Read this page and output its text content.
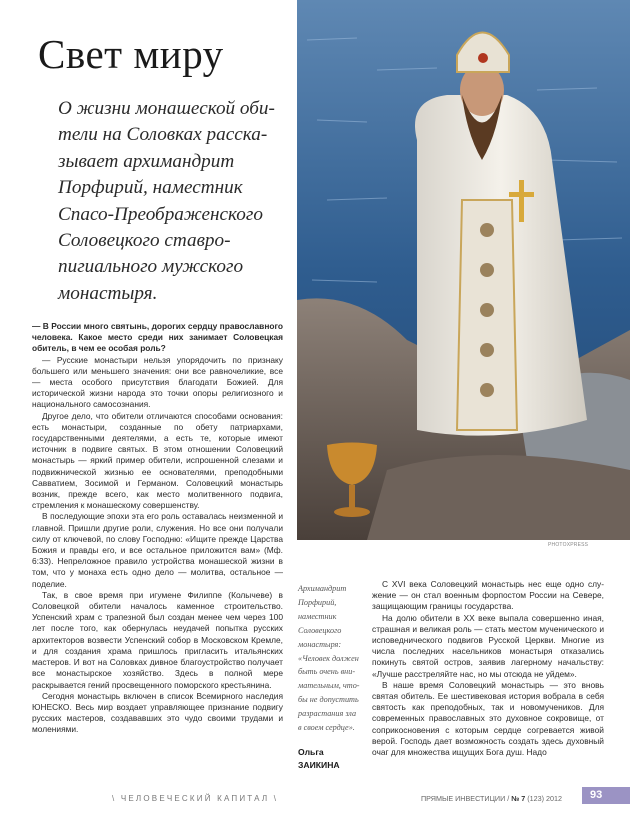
Свет миру
О жизни монашеской оби-
тели на Соловках расска-
зывает архимандрит
Порфирий, наместник
Спасо-Преображенского
Соловецкого ставро-
пигиального мужского
монастыря.

— В России много святынь, дорогих сердцу православного человека. Какое место среди них занимает Соловецкая обитель, в чем ее особая роль?

— Русские монастыри нельзя упорядочить по признаку большего или меньшего значения: они все равночеликие, все — места особого присутствия благодати Божией. Для исторической жизни народа это точки опоры религиозного и национального самосознания.

Другое дело, что обители отличаются способами основания: есть монастыри, созданные по обету патриархами, государственными деятелями, а есть те, которые имеют источник в подвиге святых. В этом отношении Соловецкий монастырь — яркий пример обители, испрошенной слезами и подвижнической жизнью ее основателями, преподобными Савватием, Зосимой и Германом. Соловецкий монастырь возник, прежде всего, как место молитвенного подвига, стремления к монашескому совершенству.

В последующие эпохи эта его роль оставалась неизменной и главной. Пришли другие роли, служения. Но все они получали силу от ключевой, по слову Господню: «Ищите прежде Царства Божия и правды его, и все остальное приложится вам» (Мф. 6:33). Непреложное правило устройства монашеской жизни в том, что у монаха есть одно дело — молитва, остальное — поделие.

Так, в свое время при игумене Филиппе (Колычеве) в Соловецкой обители началось каменное строительство. Успенский храм с трапезной был создан менее чем через 100 лет после того, как обернулась неудачей попытка русских архитекторов возвести Успенский собор в Московском Кремле, и для создания храма пришлось пригласить итальянских мастеров. И вот на Соловках дивное благоустройство получает все монастырское хозяйство. Здесь в полной мере раскрывается гений просвещенного поморского крестьянина.

Сегодня монастырь включен в список Всемирного наследия ЮНЕСКО. Весь мир воздает управляющее признание подвигу русских мастеров, создававших это чудо своими трудами и молениями.

PHOTOXPRESS
Архимандрит
Порфирий,
наместник
Соловецкого
монастыря:
«Человек должен
быть очень вни-
мательным, что-
бы не допустить
разрастания зла
в своем сердце».
Ольга
ЗАИКИНА

С XVI века Соловецкий монастырь нес еще одно служение — он стал военным форпостом России на Севере, защищающим границы государства.

На долю обители в XX веке выпала совершенно иная, страшная и великая роль — стать местом мученического и исповеднического подвигов Русской Церкви. Многие из числа последних насельников монастыря отказались покинуть святой остров, заявив лагерному начальству: «Лучше расстреляйте нас, но мы отсюда не уйдем».

В наше время Соловецкий монастырь — это вновь святая обитель. Ее шестивековая история вобрала в себя святость как преподобных, так и новомучеников. Для современных православных это духовное сокровище, от соприкосновения с которым сердце согревается живой верой. Господь дает возможность создать здесь духовный очаг для множества ищущих Бога душ. Надо

\ ЧЕЛОВЕЧЕСКИЙ КАПИТАЛ \	ПРЯМЫЕ ИНВЕСТИЦИИ / № 7 (123) 2012	93
